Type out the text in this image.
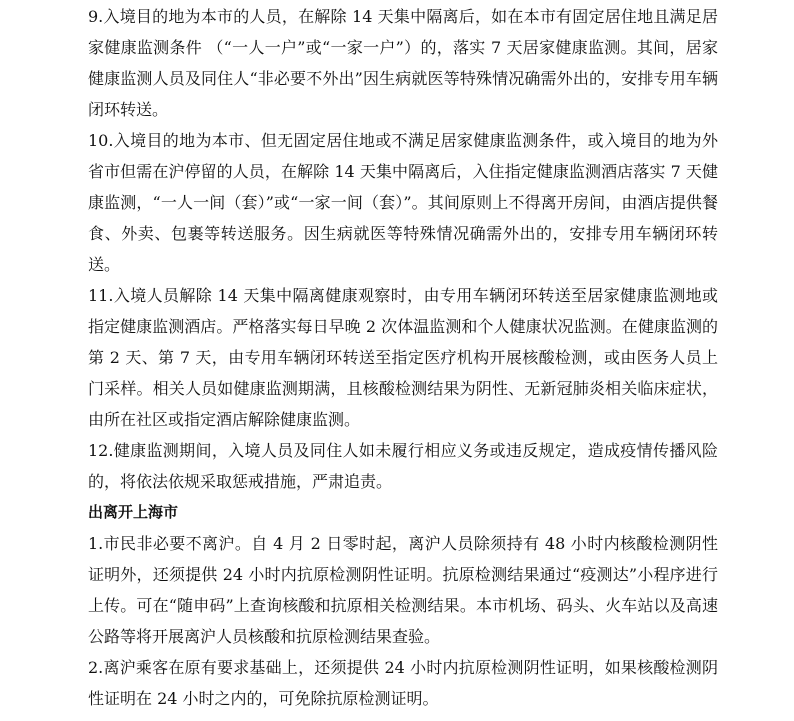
9.入境目的地为本市的人员，在解除 14 天集中隔离后，如在本市有固定居住地且满足居家健康监测条件 （“一人一户”或“一家一户”）的，落实 7 天居家健康监测。其间，居家健康监测人员及同住人“非必要不外出”因生病就医等特殊情况确需外出的，安排专用车辆闭环转送。

10.入境目的地为本市、但无固定居住地或不满足居家健康监测条件，或入境目的地为外省市但需在沪停留的人员，在解除 14 天集中隔离后，入住指定健康监测酒店落实 7 天健康监测，“一人一间（套）”或“一家一间（套）”。其间原则上不得离开房间，由酒店提供餐食、外卖、包裹等转送服务。因生病就医等特殊情况确需外出的，安排专用车辆闭环转送。

11.入境人员解除 14 天集中隔离健康观察时，由专用车辆闭环转送至居家健康监测地或指定健康监测酒店。严格落实每日早晚 2 次体温监测和个人健康状况监测。在健康监测的第 2 天、第 7 天，由专用车辆闭环转送至指定医疗机构开展核酸检测，或由医务人员上门采样。相关人员如健康监测期满，且核酸检测结果为阴性、无新冠肺炎相关临床症状，由所在社区或指定酒店解除健康监测。

12.健康监测期间，入境人员及同住人如未履行相应义务或违反规定，造成疫情传播风险的，将依法依规采取惩戒措施，严肃追责。

出离开上海市

1.市民非必要不离沪。自 4 月 2 日零时起，离沪人员除须持有 48 小时内核酸检测阴性证明外，还须提供 24 小时内抗原检测阴性证明。抗原检测结果通过“疫测达”小程序进行上传。可在“随申码”上查询核酸和抗原相关检测结果。本市机场、码头、火车站以及高速公路等将开展离沪人员核酸和抗原检测结果查验。

2.离沪乘客在原有要求基础上，还须提供 24 小时内抗原检测阴性证明，如果核酸检测阴性证明在 24 小时之内的，可免除抗原检测证明。
